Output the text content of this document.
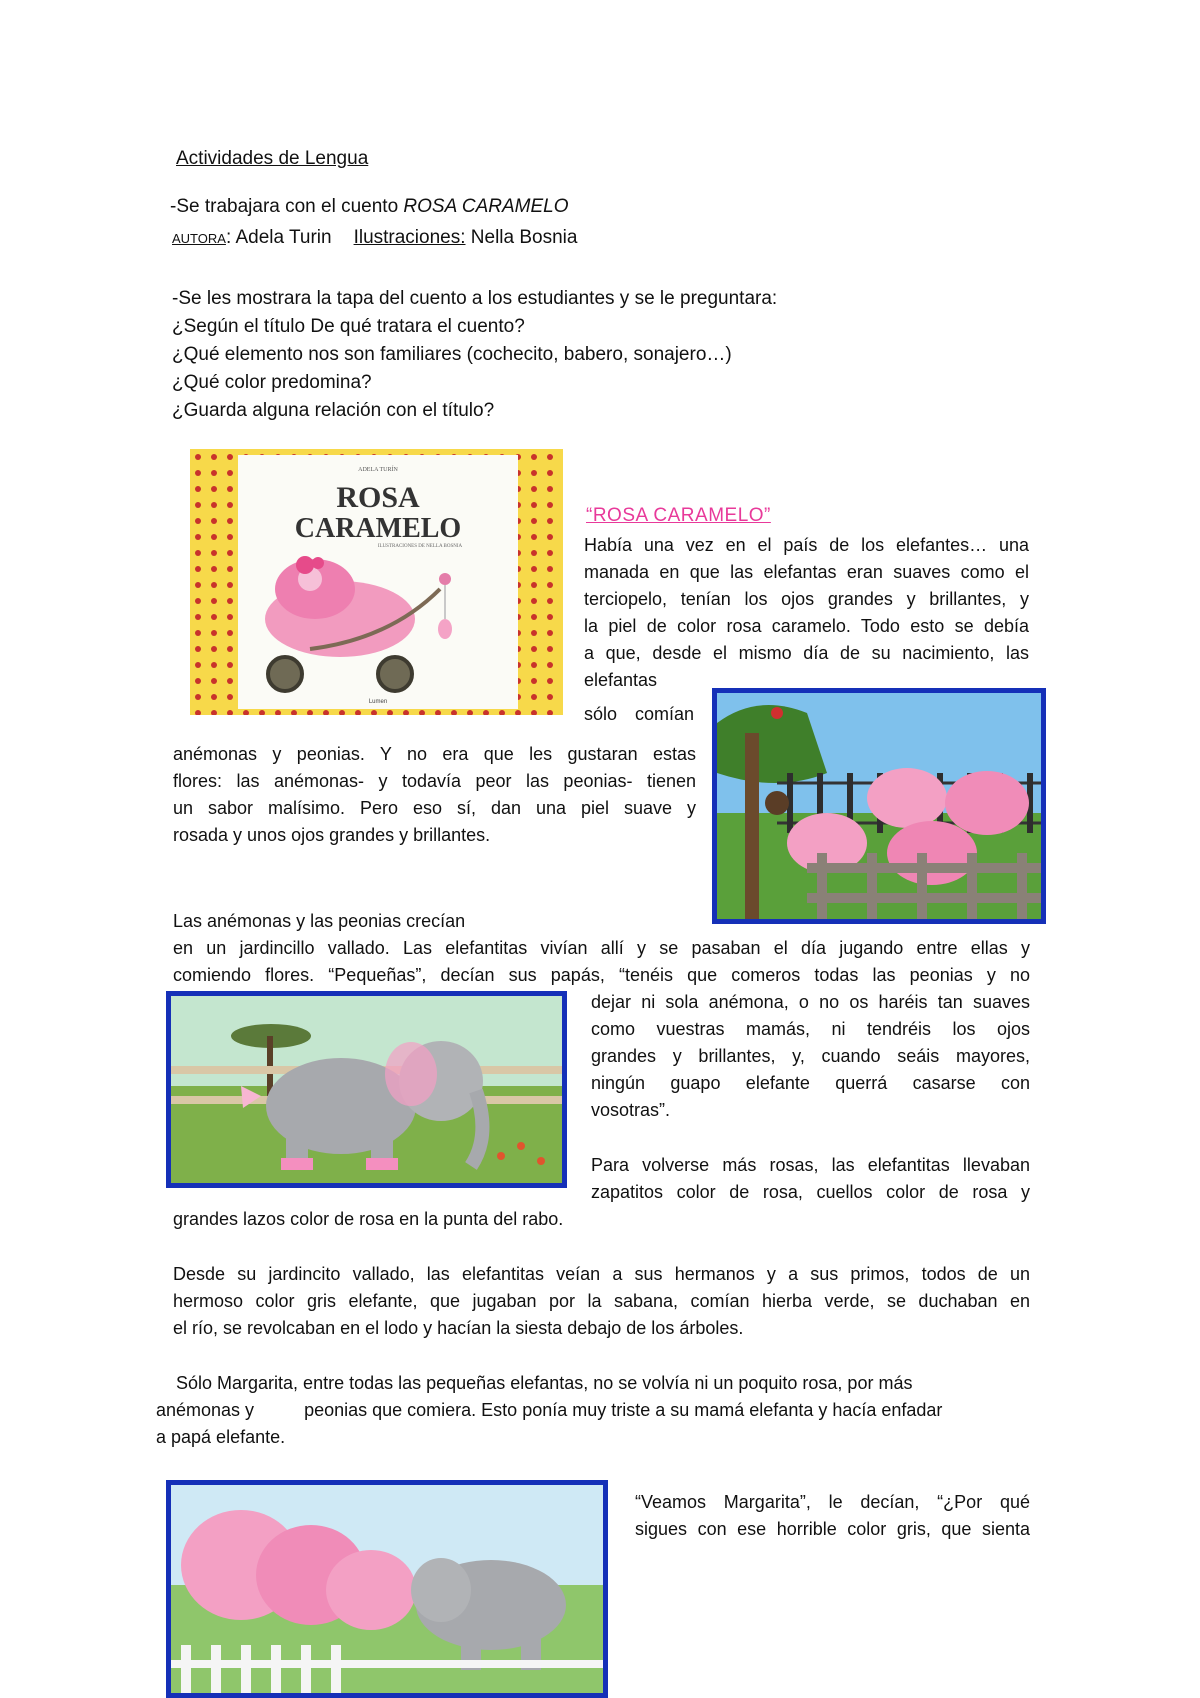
Actividades de Lengua
-Se trabajara con el cuento ROSA CARAMELO
AUTORA: Adela Turin Ilustraciones: Nella Bosnia
-Se les mostrara la tapa del cuento a los estudiantes y se le preguntara:
¿Según el título De qué tratara el cuento?
¿Qué elemento nos son familiares (cochecito, babero, sonajero…)
¿Qué color predomina?
¿Guarda alguna relación con el título?
ADELA TURÍN
ROSA
CARAMELO
ILUSTRACIONES DE NELLA BOSNIA
Lumen
“ROSA CARAMELO”
Había una vez en el país de los elefantes… una
manada en que las elefantas eran suaves como el
terciopelo, tenían los ojos grandes y brillantes, y
la piel de color rosa caramelo. Todo esto se debía
a que, desde el mismo día de su nacimiento, las
elefantas
sólo comían
anémonas y peonias. Y no era que les gustaran estas
flores: las anémonas- y todavía peor las peonias- tienen
un sabor malísimo. Pero eso sí, dan una piel suave y
rosada y unos ojos grandes y brillantes.
Las anémonas y las peonias crecían
en un jardincillo vallado. Las elefantitas vivían allí y se pasaban el día jugando entre ellas y
comiendo flores. “Pequeñas”, decían sus papás, “tenéis que comeros todas las peonias y no
dejar ni sola anémona, o no os haréis tan suaves
como vuestras mamás, ni tendréis los ojos
grandes y brillantes, y, cuando seáis mayores,
ningún guapo elefante querrá casarse con
vosotras”.
Para volverse más rosas, las elefantitas llevaban
zapatitos color de rosa, cuellos color de rosa y
grandes lazos color de rosa en la punta del rabo.
Desde su jardincito vallado, las elefantitas veían a sus hermanos y a sus primos, todos de un
hermoso color gris elefante, que jugaban por la sabana, comían hierba verde, se duchaban en
el río, se revolcaban en el lodo y hacían la siesta debajo de los árboles.
Sólo Margarita, entre todas las pequeñas elefantas, no se volvía ni un poquito rosa, por más
anémonas y          peonias que comiera. Esto ponía muy triste a su mamá elefanta y hacía enfadar
a papá elefante.
“Veamos Margarita”, le decían, “¿Por qué
sigues con ese horrible color gris, que sienta
